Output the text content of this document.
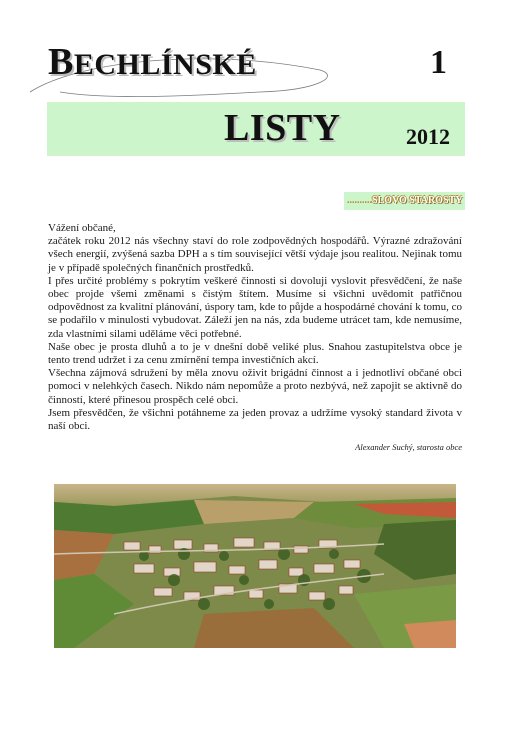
BECHLÍNSKÉ	1
LISTY	2012
..........SLOVO STAROSTY

Vážení občané,

začátek roku 2012 nás všechny staví do role zodpovědných hospodářů. Výrazné zdražování všech energií, zvýšená sazba DPH a s tím související větší výdaje jsou realitou. Nejinak tomu je v případě společných finančních prostředků.

I přes určité problémy s pokrytím veškeré činnosti si dovoluji vyslovit přesvědčení, že naše obec projde všemi změnami s čistým štítem. Musíme si všichni uvědomit patřičnou odpovědnost za kvalitní plánování, úspory tam, kde to půjde a hospodárné chování k tomu, co se podařilo v minulosti vybudovat. Záleží jen na nás, zda budeme utrácet tam, kde nemusíme, zda vlastními silami uděláme věci potřebné.

Naše obec je prosta dluhů a to je v dnešní době veliké plus. Snahou zastupitelstva obce je tento trend udržet i za cenu zmírnění tempa investičních akcí.

Všechna zájmová sdružení by měla znovu oživit brigádní činnost a i jednotliví občané obci pomoci v nelehkých časech. Nikdo nám nepomůže a proto nezbývá, než zapojit se aktivně do činností, které přinesou prospěch celé obci.

Jsem přesvědčen, že všichni potáhneme za jeden provaz a udržíme vysoký standard života v naší obci.

Alexander Suchý, starosta obce
